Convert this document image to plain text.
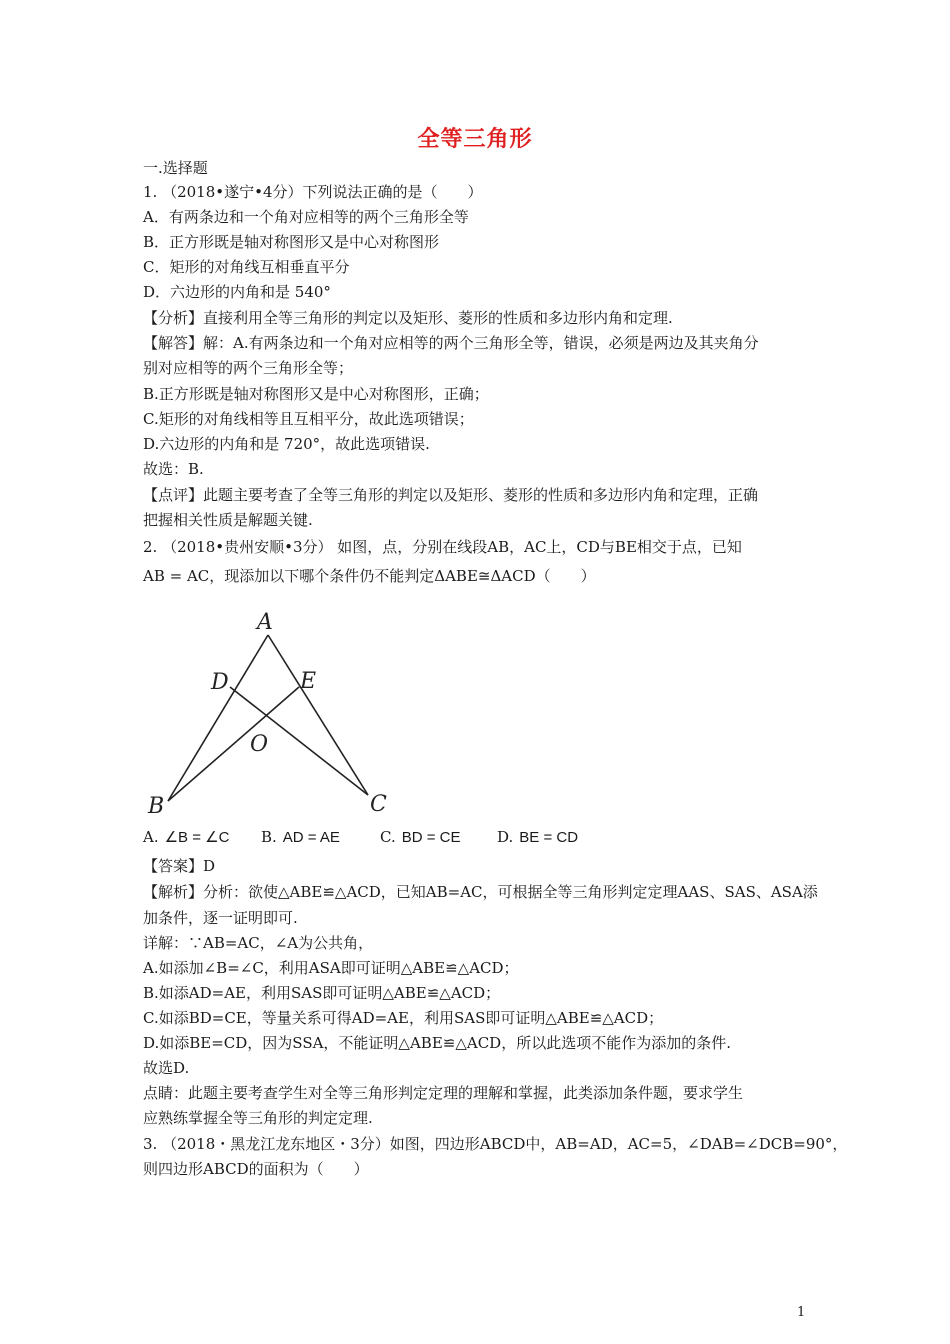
全等三角形
一.选择题
1. （2018•遂宁•4分）下列说法正确的是（　　）
A．有两条边和一个角对应相等的两个三角形全等
B．正方形既是轴对称图形又是中心对称图形
C．矩形的对角线互相垂直平分
D．六边形的内角和是 540°
【分析】直接利用全等三角形的判定以及矩形、菱形的性质和多边形内角和定理.
【解答】解：A.有两条边和一个角对应相等的两个三角形全等，错误，必须是两边及其夹角分
别对应相等的两个三角形全等；
B.正方形既是轴对称图形又是中心对称图形，正确；
C.矩形的对角线相等且互相平分，故此选项错误；
D.六边形的内角和是 720°，故此选项错误.
故选：B.
【点评】此题主要考查了全等三角形的判定以及矩形、菱形的性质和多边形内角和定理，正确
把握相关性质是解题关键.
2. （2018•贵州安顺•3分） 如图，点，分别在线段AB，AC上，CD与BE相交于点，已知
AB = AC，现添加以下哪个条件仍不能判定ΔABE≅ΔACD（　　）
A
B	C
D	E
O
A. ∠B = ∠C B. AD = AE	C. BD = CE D. BE = CD
【答案】D
【解析】分析：欲使△ABE≌△ACD，已知AB=AC，可根据全等三角形判定定理AAS、SAS、ASA添
加条件，逐一证明即可.
详解：∵AB=AC，∠A为公共角，
A.如添加∠B=∠C，利用ASA即可证明△ABE≌△ACD；
B.如添AD=AE，利用SAS即可证明△ABE≌△ACD；
C.如添BD=CE，等量关系可得AD=AE，利用SAS即可证明△ABE≌△ACD；
D.如添BE=CD，因为SSA，不能证明△ABE≌△ACD，所以此选项不能作为添加的条件.
故选D.
点睛：此题主要考查学生对全等三角形判定定理的理解和掌握，此类添加条件题，要求学生
应熟练掌握全等三角形的判定定理.
3. （2018・黑龙江龙东地区・3分）如图，四边形ABCD中，AB=AD，AC=5，∠DAB=∠DCB=90°，
则四边形ABCD的面积为（　　）
1
